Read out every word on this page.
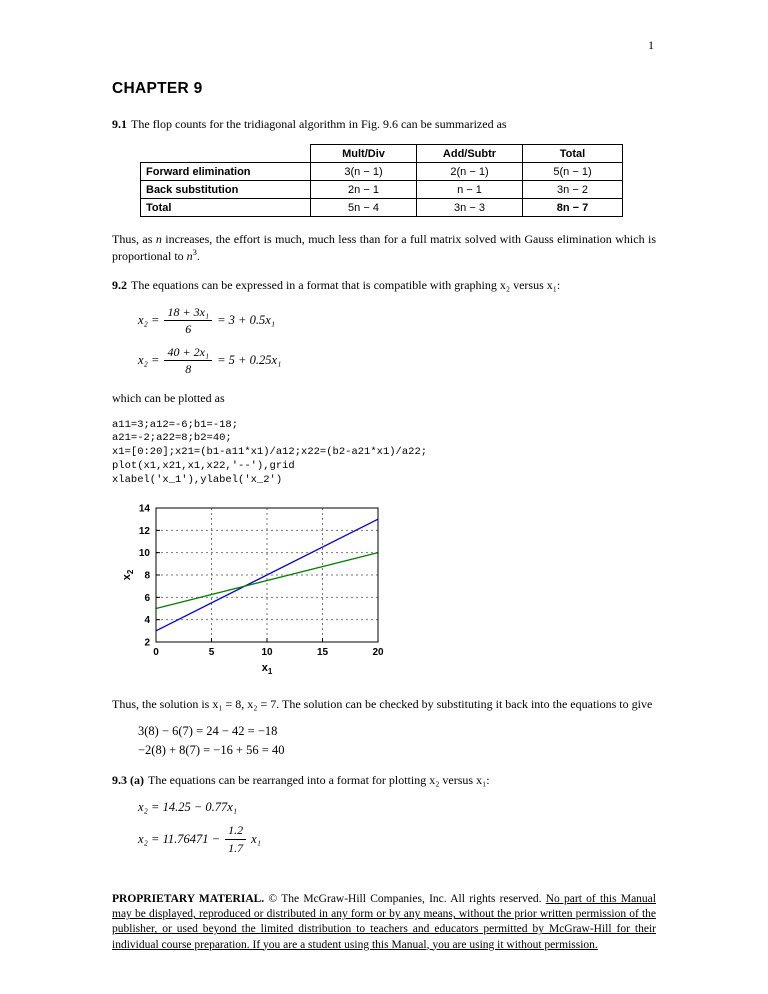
1
CHAPTER 9

9.1 The flop counts for the tridiagonal algorithm in Fig. 9.6 can be summarized as

	Mult/Div	Add/Subtr	Total
Forward elimination	3(n − 1)	2(n − 1)	5(n − 1)
Back substitution	2n − 1	n − 1	3n − 2
Total	5n − 4	3n − 3	8n − 7

Thus, as n increases, the effort is much, much less than for a full matrix solved with Gauss elimination which is proportional to $n^3$.

9.2 The equations can be expressed in a format that is compatible with graphing x₂ versus x₁:

$x_2 = \frac{\text{18 + 3x₁}}{6} = 3 + 0.5x_1$
$x_2 = \frac{\text{40 + 2x₁}}{8} = 5 + 0.25x_1$

which can be plotted as

a11=3;a12=-6;b1=-18;
a21=-2;a22=8;b2=40;
x1=[0:20];x21=(b1-a11*x1)/a12;x22=(b2-a21*x1)/a22;
plot(x1,x21,x1,x22,'--'),grid
xlabel('x_1'),ylabel('x_2')
0	5	10	15	20
2
4
6
8
10
12
14
$x_1$
$x_2$

Thus, the solution is x₁ = 8, x₂ = 7. The solution can be checked by substituting it back into the equations to give

3(8) − 6(7) = 24 − 42 = −18
−2(8) + 8(7) = −16 + 56 = 40

9.3 (a) The equations can be rearranged into a format for plotting x₂ versus x₁:

x₂ = 14.25 − 0.77x₁
$x_2 = 11.76471 - \frac{1.2}{1.7} x_1$

PROPRIETARY MATERIAL. © The McGraw-Hill Companies, Inc. All rights reserved. No part of this Manual may be displayed, reproduced or distributed in any form or by any means, without the prior written permission of the publisher, or used beyond the limited distribution to teachers and educators permitted by McGraw-Hill for their individual course preparation. If you are a student using this Manual, you are using it without permission.
